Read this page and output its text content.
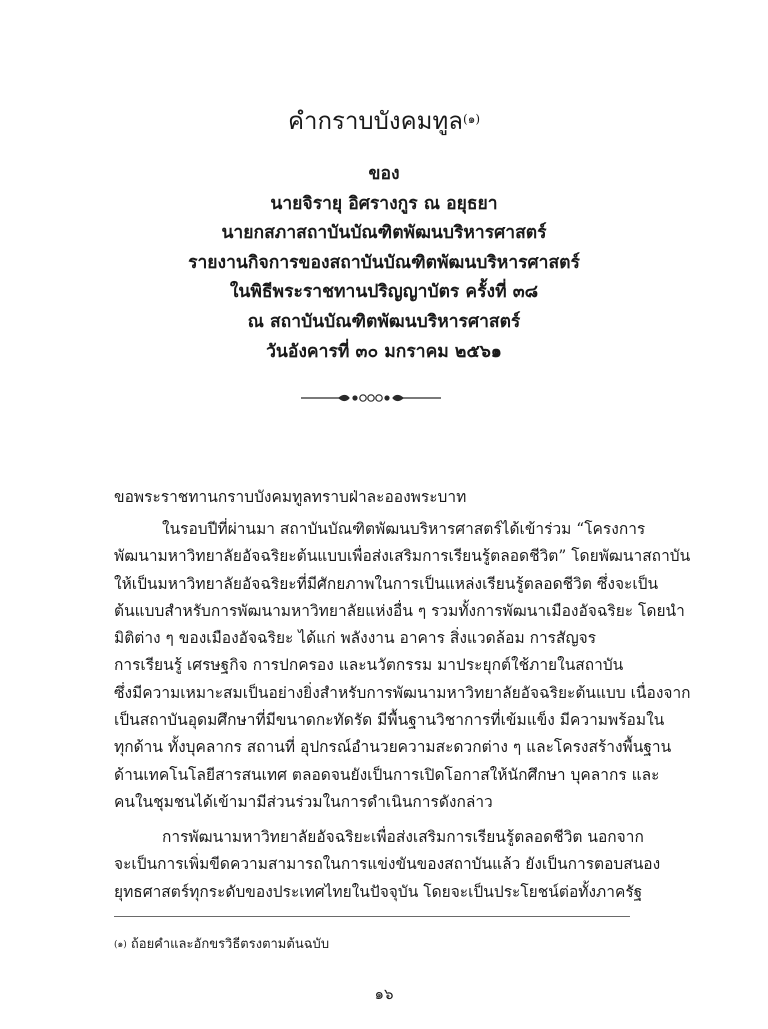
คำกราบบังคมทูล$^{(๑)}$
ของ
นายจิรายุ อิศรางกูร ณ อยุธยา
นายกสภาสถาบันบัณฑิตพัฒนบริหารศาสตร์
รายงานกิจการของสถาบันบัณฑิตพัฒนบริหารศาสตร์
ในพิธีพระราชทานปริญญาบัตร ครั้งที่ ๓๘
ณ สถาบันบัณฑิตพัฒนบริหารศาสตร์
วันอังคารที่ ๓๐ มกราคม ๒๕๖๑
ขอพระราชทานกราบบังคมทูลทราบฝ่าละอองพระบาท
ในรอบปีที่ผ่านมา สถาบันบัณฑิตพัฒนบริหารศาสตร์ได้เข้าร่วม “โครงการ
พัฒนามหาวิทยาลัยอัจฉริยะต้นแบบเพื่อส่งเสริมการเรียนรู้ตลอดชีวิต” โดยพัฒนาสถาบัน
ให้เป็นมหาวิทยาลัยอัจฉริยะที่มีศักยภาพในการเป็นแหล่งเรียนรู้ตลอดชีวิต ซึ่งจะเป็น
ต้นแบบสำหรับการพัฒนามหาวิทยาลัยแห่งอื่น ๆ รวมทั้งการพัฒนาเมืองอัจฉริยะ โดยนำ
มิติต่าง ๆ ของเมืองอัจฉริยะ ได้แก่ พลังงาน อาคาร สิ่งแวดล้อม การสัญจร
การเรียนรู้ เศรษฐกิจ การปกครอง และนวัตกรรม มาประยุกต์ใช้ภายในสถาบัน
ซึ่งมีความเหมาะสมเป็นอย่างยิ่งสำหรับการพัฒนามหาวิทยาลัยอัจฉริยะต้นแบบ เนื่องจาก
เป็นสถาบันอุดมศึกษาที่มีขนาดกะทัดรัด มีพื้นฐานวิชาการที่เข้มแข็ง มีความพร้อมใน
ทุกด้าน ทั้งบุคลากร สถานที่ อุปกรณ์อำนวยความสะดวกต่าง ๆ และโครงสร้างพื้นฐาน
ด้านเทคโนโลยีสารสนเทศ ตลอดจนยังเป็นการเปิดโอกาสให้นักศึกษา บุคลากร และ
คนในชุมชนได้เข้ามามีส่วนร่วมในการดำเนินการดังกล่าว
การพัฒนามหาวิทยาลัยอัจฉริยะเพื่อส่งเสริมการเรียนรู้ตลอดชีวิต นอกจาก
จะเป็นการเพิ่มขีดความสามารถในการแข่งขันของสถาบันแล้ว ยังเป็นการตอบสนอง
ยุทธศาสตร์ทุกระดับของประเทศไทยในปัจจุบัน โดยจะเป็นประโยชน์ต่อทั้งภาครัฐ
$^{(๑)}$ ถ้อยคำและอักขรวิธีตรงตามต้นฉบับ
๑๖
